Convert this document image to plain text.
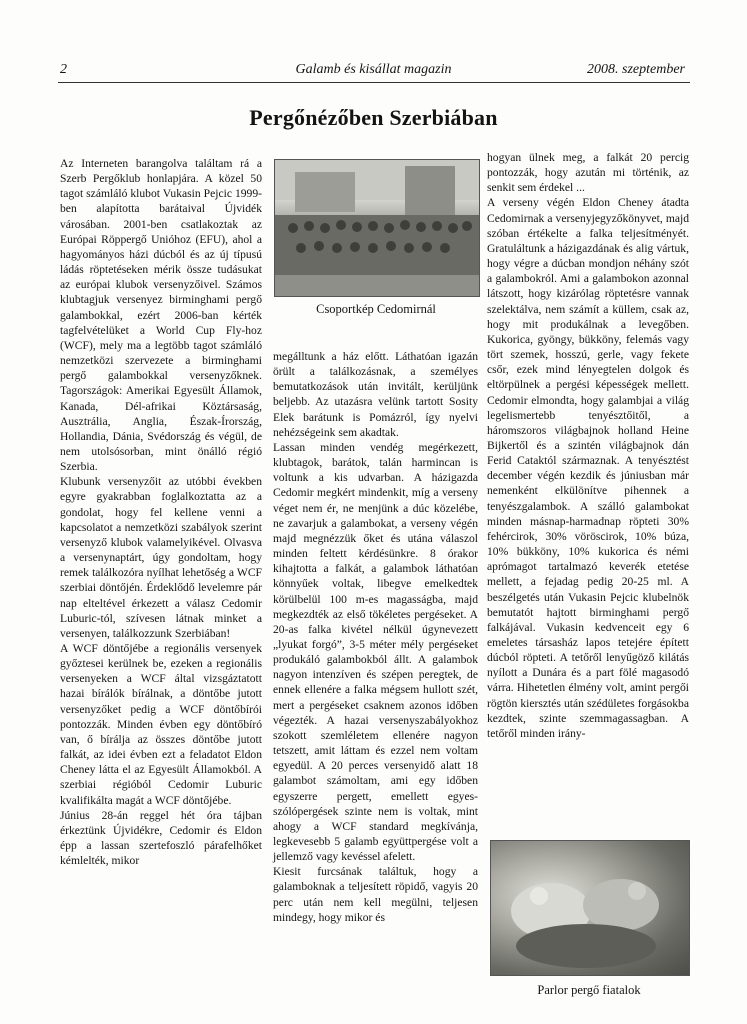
2	Galamb és kisállat magazin	2008. szeptember
Pergőnézőben Szerbiában

Az Interneten barangolva találtam rá a Szerb Pergőklub honlapjára. A közel 50 tagot számláló klubot Vukasin Pejcic 1999-ben alapította barátaival Újvidék városában. 2001-ben csatlakoztak az Európai Röppergő Unióhoz (EFU), ahol a hagyományos házi dúcból és az új típusú ládás röptetéseken mérik össze tudásukat az európai klubok versenyzőivel. Számos klubtagjuk versenyez birminghami pergő galambokkal, ezért 2006-ban kérték tagfelvételüket a World Cup Fly-hoz (WCF), mely ma a legtöbb tagot számláló nemzetközi szervezete a birminghami pergő galambokkal versenyzőknek. Tagországok: Amerikai Egyesült Államok, Kanada, Dél-afrikai Köztársaság, Ausztrália, Anglia, Észak-Írország, Hollandia, Dánia, Svédország és végül, de nem utolsósorban, mint önálló régió Szerbia.
Klubunk versenyzőit az utóbbi években egyre gyakrabban foglalkoztatta az a gondolat, hogy fel kellene venni a kapcsolatot a nemzetközi szabályok szerint versenyző klubok valamelyikével. Olvasva a versenynaptárt, úgy gondoltam, hogy remek találkozóra nyílhat lehetőség a WCF szerbiai döntőjén. Érdeklődő levelemre pár nap elteltével érkezett a válasz Cedomir Luburic-tól, szívesen látnak minket a versenyen, találkozzunk Szerbiában!
A WCF döntőjébe a regionális versenyek győztesei kerülnek be, ezeken a regionális versenyeken a WCF által vizsgáztatott hazai bírálók bírálnak, a döntőbe jutott versenyzőket pedig a WCF döntőbírói pontozzák. Minden évben egy döntőbíró van, ő bírálja az összes döntőbe jutott falkát, az idei évben ezt a feladatot Eldon Cheney látta el az Egyesült Államokból. A szerbiai régióból Cedomir Luburic kvalifikálta magát a WCF döntőjébe.
Június 28-án reggel hét óra tájban érkeztünk Újvidékre, Cedomir és Eldon épp a lassan szertefoszló párafelhőket kémlelték, mikor

Csoportkép Cedomirnál

megálltunk a ház előtt. Láthatóan igazán örült a találkozásnak, a személyes bemutatkozások után invitált, kerüljünk beljebb. Az utazásra velünk tartott Sosity Elek barátunk is Pomázról, így nyelvi nehézségeink sem akadtak.
Lassan minden vendég megérkezett, klubtagok, barátok, talán harmincan is voltunk a kis udvarban. A házigazda Cedomir megkért mindenkit, míg a verseny véget nem ér, ne menjünk a dúc közelébe, ne zavarjuk a galambokat, a verseny végén majd megnézzük őket és utána válaszol minden feltett kérdésünkre. 8 órakor kihajtotta a falkát, a galambok láthatóan könnyűek voltak, libegve emelkedtek körülbelül 100 m-es magasságba, majd megkezdték az első tökéletes pergéseket. A 20-as falka kivétel nélkül úgynevezett „lyukat forgó”, 3-5 méter mély pergéseket produkáló galambokból állt. A galambok nagyon intenzíven és szépen peregtek, de ennek ellenére a falka mégsem hullott szét, mert a pergéseket csaknem azonos időben végezték. A hazai versenyszabályokhoz szokott szemléletem ellenére nagyon tetszett, amit láttam és ezzel nem voltam egyedül. A 20 perces versenyidő alatt 18 galambot számoltam, ami egy időben egyszerre pergett, emellett egyes-szólópergések szinte nem is voltak, mint ahogy a WCF standard megkívánja, legkevesebb 5 galamb együttpergése volt a jellemző vagy kevéssel afelett.
Kiesit furcsának találtuk, hogy a galamboknak a teljesített röpidő, vagyis 20 perc után nem kell megülni, teljesen mindegy, hogy mikor és

hogyan ülnek meg, a falkát 20 percig pontozzák, hogy azután mi történik, az senkit sem érdekel ...
A verseny végén Eldon Cheney átadta Cedomirnak a versenyjegyzőkönyvet, majd szóban értékelte a falka teljesítményét. Gratuláltunk a házigazdának és alig vártuk, hogy végre a dúcban mondjon néhány szót a galambokról. Ami a galambokon azonnal látszott, hogy kizárólag röptetésre vannak szelektálva, nem számít a küllem, csak az, hogy mit produkálnak a levegőben. Kukorica, gyöngy, bükköny, felemás vagy tört szemek, hosszú, gerle, vagy fekete csőr, ezek mind lényegtelen dolgok és eltörpülnek a pergési képességek mellett. Cedomir elmondta, hogy galambjai a világ legelismertebb tenyésztőitől, a háromszoros világbajnok holland Heine Bijkertől és a szintén világbajnok dán Ferid Cataktól származnak. A tenyésztést december végén kezdik és júniusban már nemenként elkülönítve pihennek a tenyészgalambok. A szálló galambokat minden másnap-harmadnap röpteti 30% fehércirok, 30% vöröscirok, 10% búza, 10% bükköny, 10% kukorica és némi aprómagot tartalmazó keverék etetése mellett, a fejadag pedig 20-25 ml. A beszélgetés után Vukasin Pejcic klubelnök bemutatót hajtott birminghami pergő falkájával. Vukasin kedvenceit egy 6 emeletes társasház lapos tetejére épített dúcból röpteti. A tetőről lenyűgöző kilátás nyílott a Dunára és a part fölé magasodó várra. Hihetetlen élmény volt, amint pergői rögtön kiersztés után szédületes forgásokba kezdtek, szinte szemmagassagban. A tetőről minden irány-

Parlor pergő fiatalok
